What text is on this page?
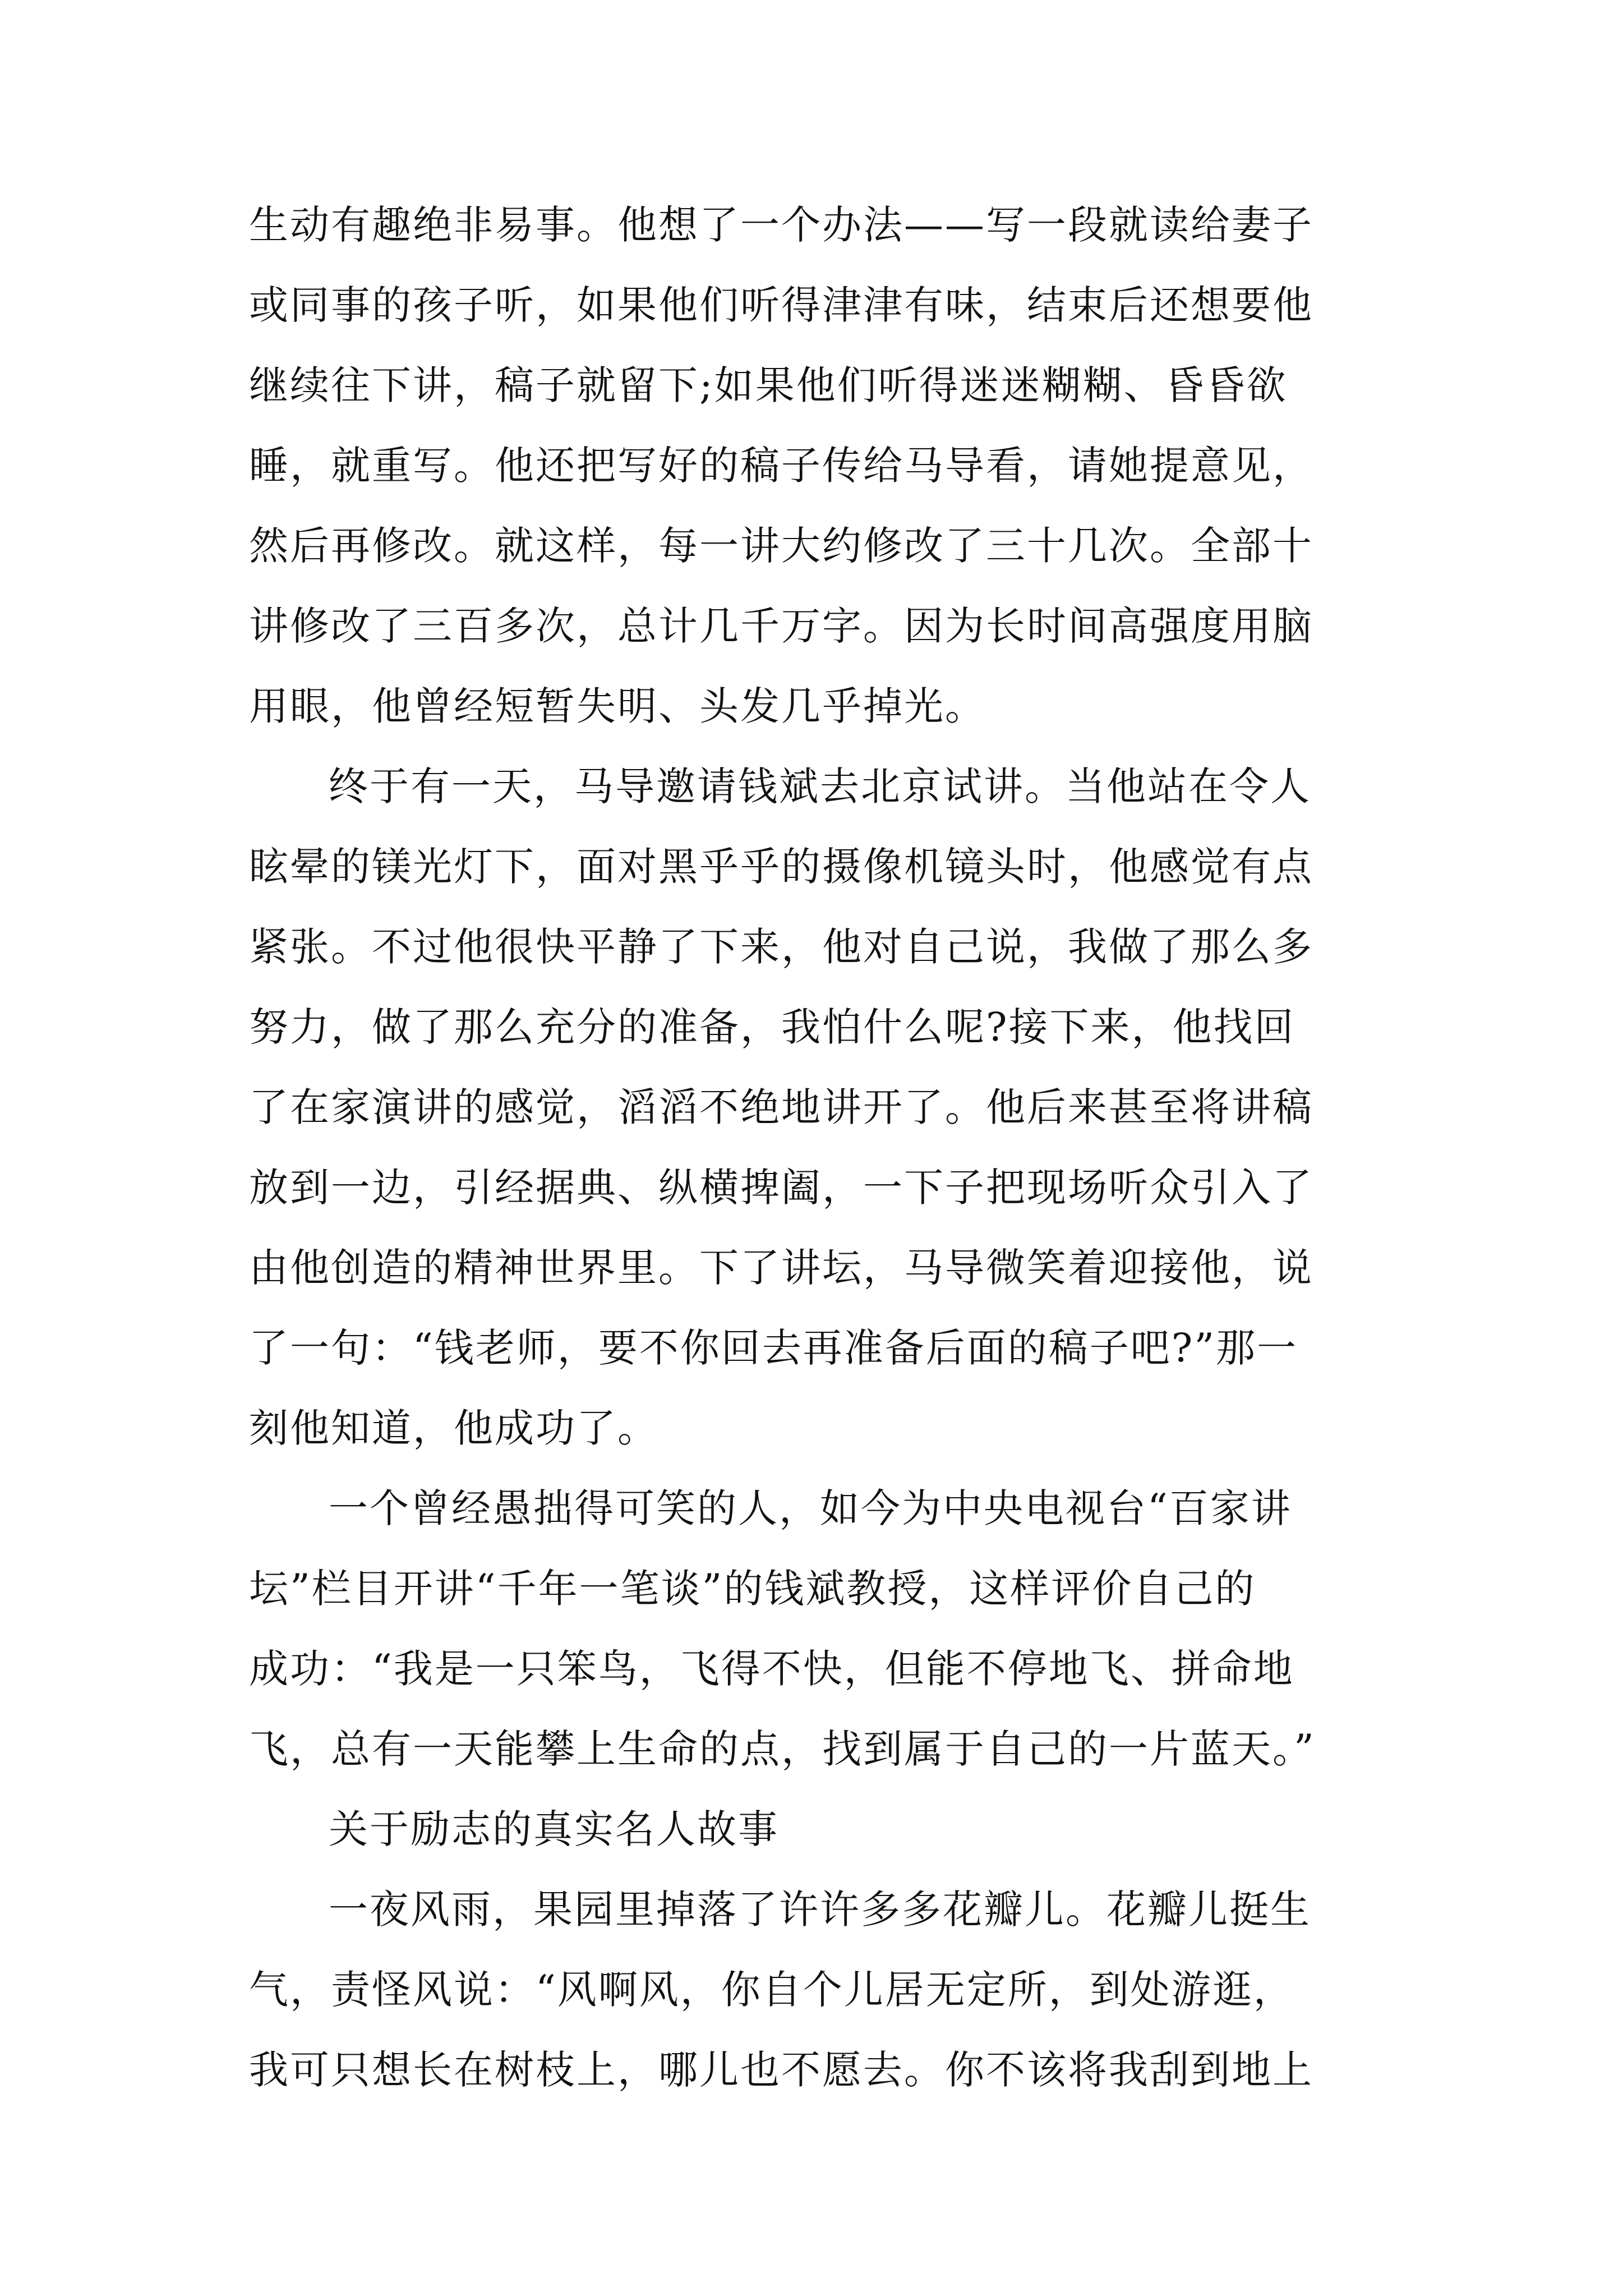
生动有趣绝非易事。他想了一个办法——写一段就读给妻子
或同事的孩子听，如果他们听得津津有味，结束后还想要他
继续往下讲，稿子就留下;如果他们听得迷迷糊糊、昏昏欲
睡，就重写。他还把写好的稿子传给马导看，请她提意见，
然后再修改。就这样，每一讲大约修改了三十几次。全部十
讲修改了三百多次，总计几千万字。因为长时间高强度用脑
用眼，他曾经短暂失明、头发几乎掉光。
终于有一天，马导邀请钱斌去北京试讲。当他站在令人
眩晕的镁光灯下，面对黑乎乎的摄像机镜头时，他感觉有点
紧张。不过他很快平静了下来，他对自己说，我做了那么多
努力，做了那么充分的准备，我怕什么呢?接下来，他找回
了在家演讲的感觉，滔滔不绝地讲开了。他后来甚至将讲稿
放到一边，引经据典、纵横捭阖，一下子把现场听众引入了
由他创造的精神世界里。下了讲坛，马导微笑着迎接他，说
了一句：“钱老师，要不你回去再准备后面的稿子吧?”那一
刻他知道，他成功了。
一个曾经愚拙得可笑的人，如今为中央电视台“百家讲
坛”栏目开讲“千年一笔谈”的钱斌教授，这样评价自己的
成功：“我是一只笨鸟，飞得不快，但能不停地飞、拼命地
飞，总有一天能攀上生命的点，找到属于自己的一片蓝天。”
关于励志的真实名人故事
一夜风雨，果园里掉落了许许多多花瓣儿。花瓣儿挺生
气，责怪风说：“风啊风，你自个儿居无定所，到处游逛，
我可只想长在树枝上，哪儿也不愿去。你不该将我刮到地上
